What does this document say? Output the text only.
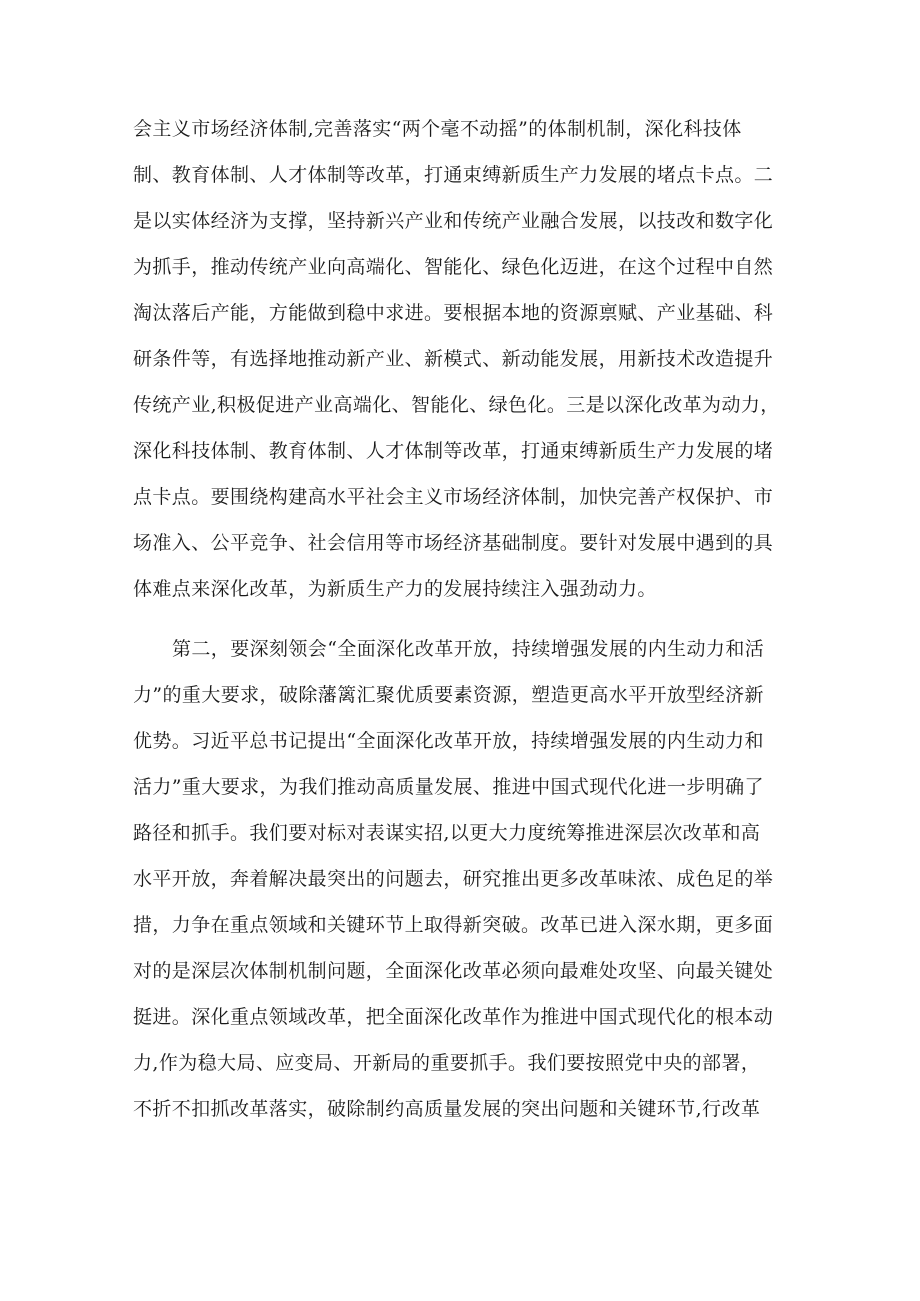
会主义市场经济体制,完善落实“两个毫不动摇”的体制机制，深化科技体
制、教育体制、人才体制等改革，打通束缚新质生产力发展的堵点卡点。二
是以实体经济为支撑，坚持新兴产业和传统产业融合发展，以技改和数字化
为抓手，推动传统产业向高端化、智能化、绿色化迈进，在这个过程中自然
淘汰落后产能，方能做到稳中求进。要根据本地的资源禀赋、产业基础、科
研条件等，有选择地推动新产业、新模式、新动能发展，用新技术改造提升
传统产业,积极促进产业高端化、智能化、绿色化。三是以深化改革为动力，
深化科技体制、教育体制、人才体制等改革，打通束缚新质生产力发展的堵
点卡点。要围绕构建高水平社会主义市场经济体制，加快完善产权保护、市
场准入、公平竞争、社会信用等市场经济基础制度。要针对发展中遇到的具
体难点来深化改革，为新质生产力的发展持续注入强劲动力。
第二，要深刻领会“全面深化改革开放，持续增强发展的内生动力和活
力”的重大要求，破除藩篱汇聚优质要素资源，塑造更高水平开放型经济新
优势。习近平总书记提出“全面深化改革开放，持续增强发展的内生动力和
活力”重大要求，为我们推动高质量发展、推进中国式现代化进一步明确了
路径和抓手。我们要对标对表谋实招,以更大力度统筹推进深层次改革和高
水平开放，奔着解决最突出的问题去，研究推出更多改革味浓、成色足的举
措，力争在重点领域和关键环节上取得新突破。改革已进入深水期，更多面
对的是深层次体制机制问题，全面深化改革必须向最难处攻坚、向最关键处
挺进。深化重点领域改革，把全面深化改革作为推进中国式现代化的根本动
力,作为稳大局、应变局、开新局的重要抓手。我们要按照党中央的部署，
不折不扣抓改革落实，破除制约高质量发展的突出问题和关键环节,行改革
